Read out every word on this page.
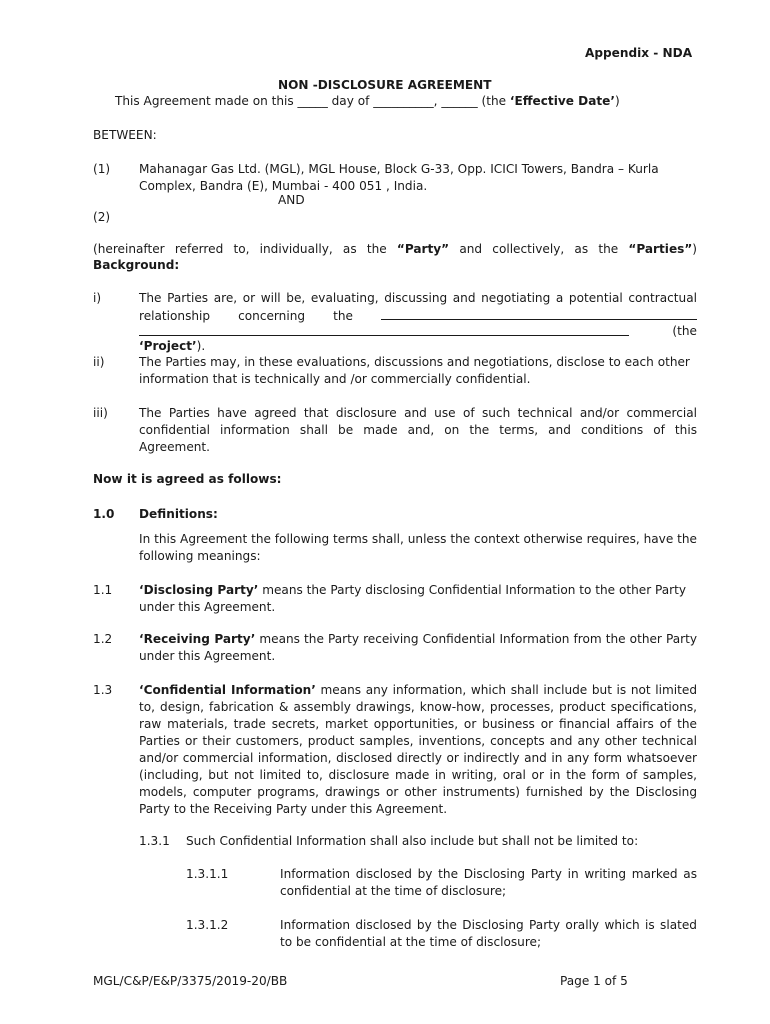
Appendix - NDA
NON -DISCLOSURE AGREEMENT
This Agreement made on this _____ day of __________, ______ (the ‘Effective Date’)
BETWEEN:
(1) Mahanagar Gas Ltd. (MGL), MGL House, Block G-33, Opp. ICICI Towers, Bandra – Kurla Complex, Bandra (E), Mumbai - 400 051 , India.
AND
(2)
(hereinafter referred to, individually, as the “Party” and collectively, as the “Parties”)
Background:
i)	The Parties are, or will be, evaluating, discussing and negotiating a potential contractual relationship concerning the
(the
‘Project’).
ii)	The Parties may, in these evaluations, discussions and negotiations, disclose to each other information that is technically and /or commercially confidential.
iii)	The Parties have agreed that disclosure and use of such technical and/or commercial confidential information shall be made and, on the terms, and conditions of this Agreement.
Now it is agreed as follows:
1.0 Definitions:
In this Agreement the following terms shall, unless the context otherwise requires, have the following meanings:
1.1 ‘Disclosing Party’ means the Party disclosing Confidential Information to the other Party under this Agreement.
1.2 ‘Receiving Party’ means the Party receiving Confidential Information from the other Party under this Agreement.
1.3 ‘Confidential Information’ means any information, which shall include but is not limited to, design, fabrication & assembly drawings, know-how, processes, product specifications, raw materials, trade secrets, market opportunities, or business or financial affairs of the Parties or their customers, product samples, inventions, concepts and any other technical and/or commercial information, disclosed directly or indirectly and in any form whatsoever (including, but not limited to, disclosure made in writing, oral or in the form of samples, models, computer programs, drawings or other instruments) furnished by the Disclosing Party to the Receiving Party under this Agreement.
1.3.1 Such Confidential Information shall also include but shall not be limited to:
1.3.1.1	Information disclosed by the Disclosing Party in writing marked as confidential at the time of disclosure;
1.3.1.2	Information disclosed by the Disclosing Party orally which is slated to be confidential at the time of disclosure;
MGL/C&P/E&P/3375/2019-20/BB	Page 1 of 5
